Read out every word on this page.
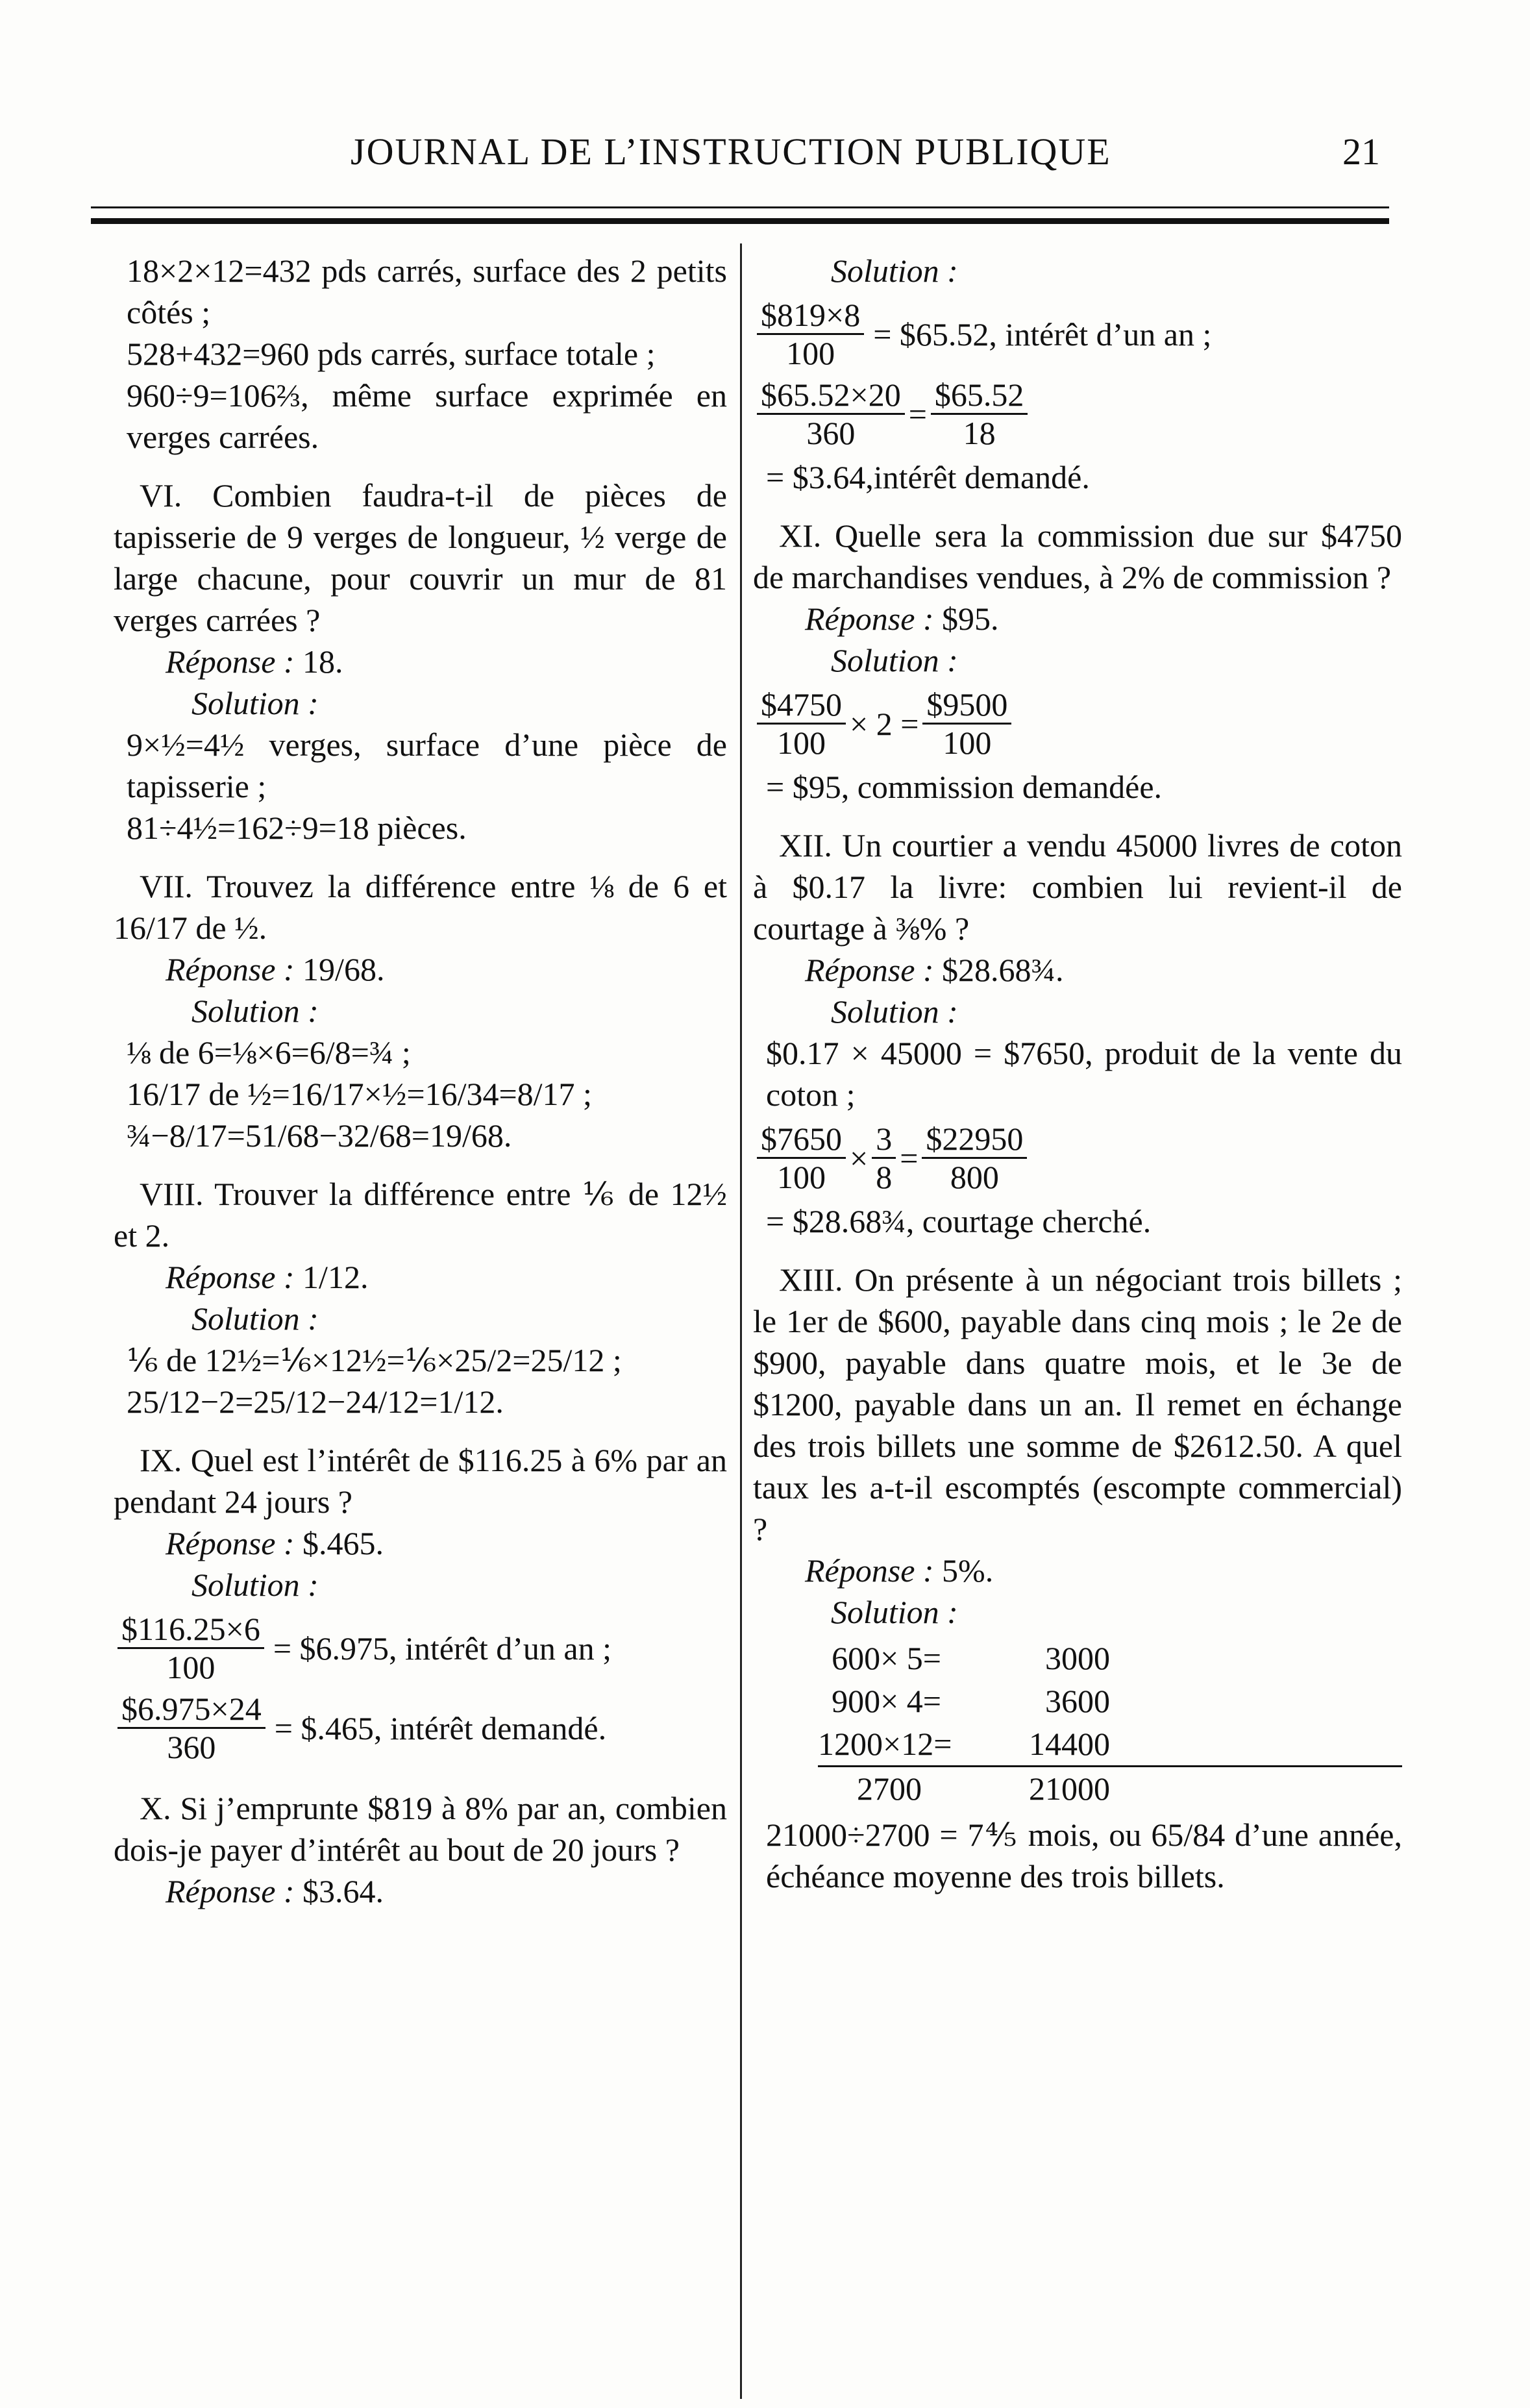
JOURNAL DE L’INSTRUCTION PUBLIQUE	21

18×2×12=432 pds carrés, surface des 2 petits côtés ;

528+432=960 pds carrés, surface totale ;

960÷9=106⅔, même surface exprimée en verges carrées.

VI. Combien faudra-t-il de pièces de tapisserie de 9 verges de longueur, ½ verge de large chacune, pour couvrir un mur de 81 verges carrées ?

Réponse : 18.

Solution :

9×½=4½ verges, surface d’une pièce de tapisserie ;

81÷4½=162÷9=18 pièces.

VII. Trouvez la différence entre ⅛ de 6 et 16/17 de ½.

Réponse : 19/68.

Solution :

⅛ de 6=⅛×6=6/8=¾ ;

16/17 de ½=16/17×½=16/34=8/17 ;

¾−8/17=51/68−32/68=19/68.

VIII. Trouver la différence entre ⅙ de 12½ et 2.

Réponse : 1/12.

Solution :

⅙ de 12½=⅙×12½=⅙×25/2=25/12 ;

25/12−2=25/12−24/12=1/12.

IX. Quel est l’intérêt de $116.25 à 6% par an pendant 24 jours ?

Réponse : $.465.

Solution :

$\frac{\$116.25\times 6}{100}$ = $6.975, intérêt d’un an ;
$\frac{\$6.975\times 24}{360}$ = $.465, intérêt demandé.

X. Si j’emprunte $819 à 8% par an, combien dois-je payer d’intérêt au bout de 20 jours ?

Réponse : $3.64.

Solution :

$\frac{\$819\times 8}{100}$ = $65.52, intérêt d’un an ;
$\frac{\$65.52\times 20}{360} = \frac{\$65.52}{18}$

= $3.64,intérêt demandé.

XI. Quelle sera la commission due sur $4750 de marchandises vendues, à 2% de commission ?

Réponse : $95.

Solution :

$\frac{\$4750}{100} \times 2 = \frac{\$9500}{100}$

= $95, commission demandée.

XII. Un courtier a vendu 45000 livres de coton à $0.17 la livre: combien lui revient-il de courtage à ⅜% ?

Réponse : $28.68¾.

Solution :

$0.17 × 45000 = $7650, produit de la vente du coton ;

$\frac{\$7650}{100} \times \frac{3}{8} = \frac{\$22950}{800}$

= $28.68¾, courtage cherché.

XIII. On présente à un négociant trois billets ; le 1er de $600, payable dans cinq mois ; le 2e de $900, payable dans quatre mois, et le 3e de $1200, payable dans un an. Il remet en échange des trois billets une somme de $2612.50. A quel taux les a-t-il escomptés (escompte commercial) ?

Réponse : 5%.

Solution :

600× 5=	3000
900× 4=	3600
1200×12=	14400
2700	21000

21000÷2700 = 7⅘ mois, ou 65/84 d’une année, échéance moyenne des trois billets.
